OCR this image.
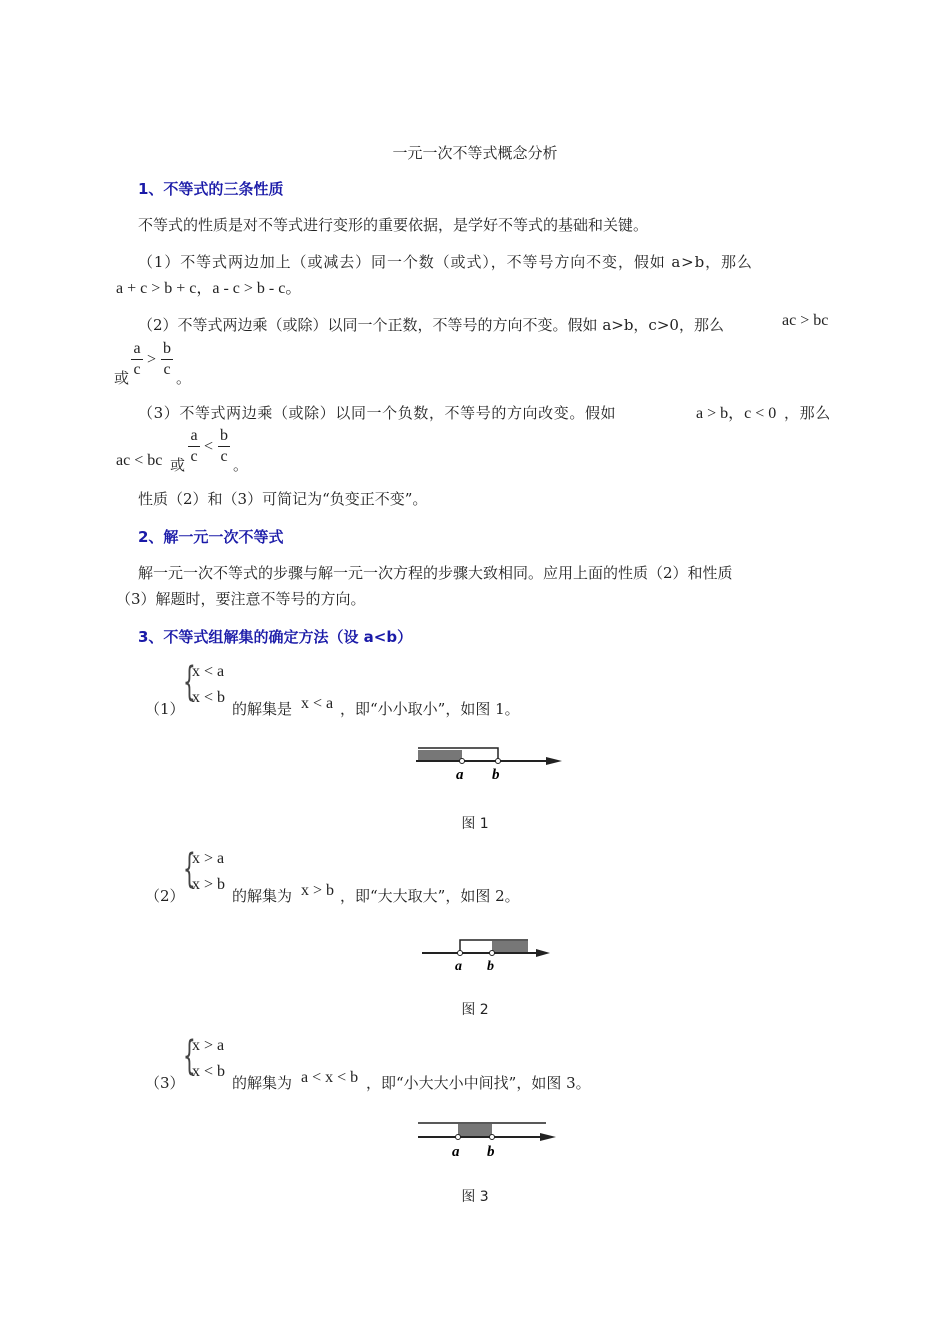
一元一次不等式概念分析
1、不等式的三条性质
不等式的性质是对不等式进行变形的重要依据，是学好不等式的基础和关键。
（1）不等式两边加上（或减去）同一个数（或式），不等号方向不变，假如 a>b，那么
a + c > b + c，a - c > b - c。
（2）不等式两边乘（或除）以同一个正数，不等号的方向不变。假如 a>b，c>0，那么	ac > bc
或
a
c
>
b
c 。
（3）不等式两边乘（或除）以同一个负数，不等号的方向改变。假如	a > b，c < 0 ，那么
ac < bc 或
a
c
<
b
c 。
性质（2）和（3）可简记为“负变正不变”。
2、解一元一次不等式
解一元一次不等式的步骤与解一元一次方程的步骤大致相同。应用上面的性质（2）和性质
（3）解题时，要注意不等号的方向。
3、不等式组解集的确定方法（设 a<b）
（1）
{
x < a
x < b
的解集是 x < a ，即“小小取小”，如图 1。
a b
图 1
（2）
{
x > a
x > b
的解集为 x > b ，即“大大取大”，如图 2。
a b
图 2
（3）
{
x > a
x < b
的解集为 a < x < b ，即“小大大小中间找”，如图 3。
a b
图 3
